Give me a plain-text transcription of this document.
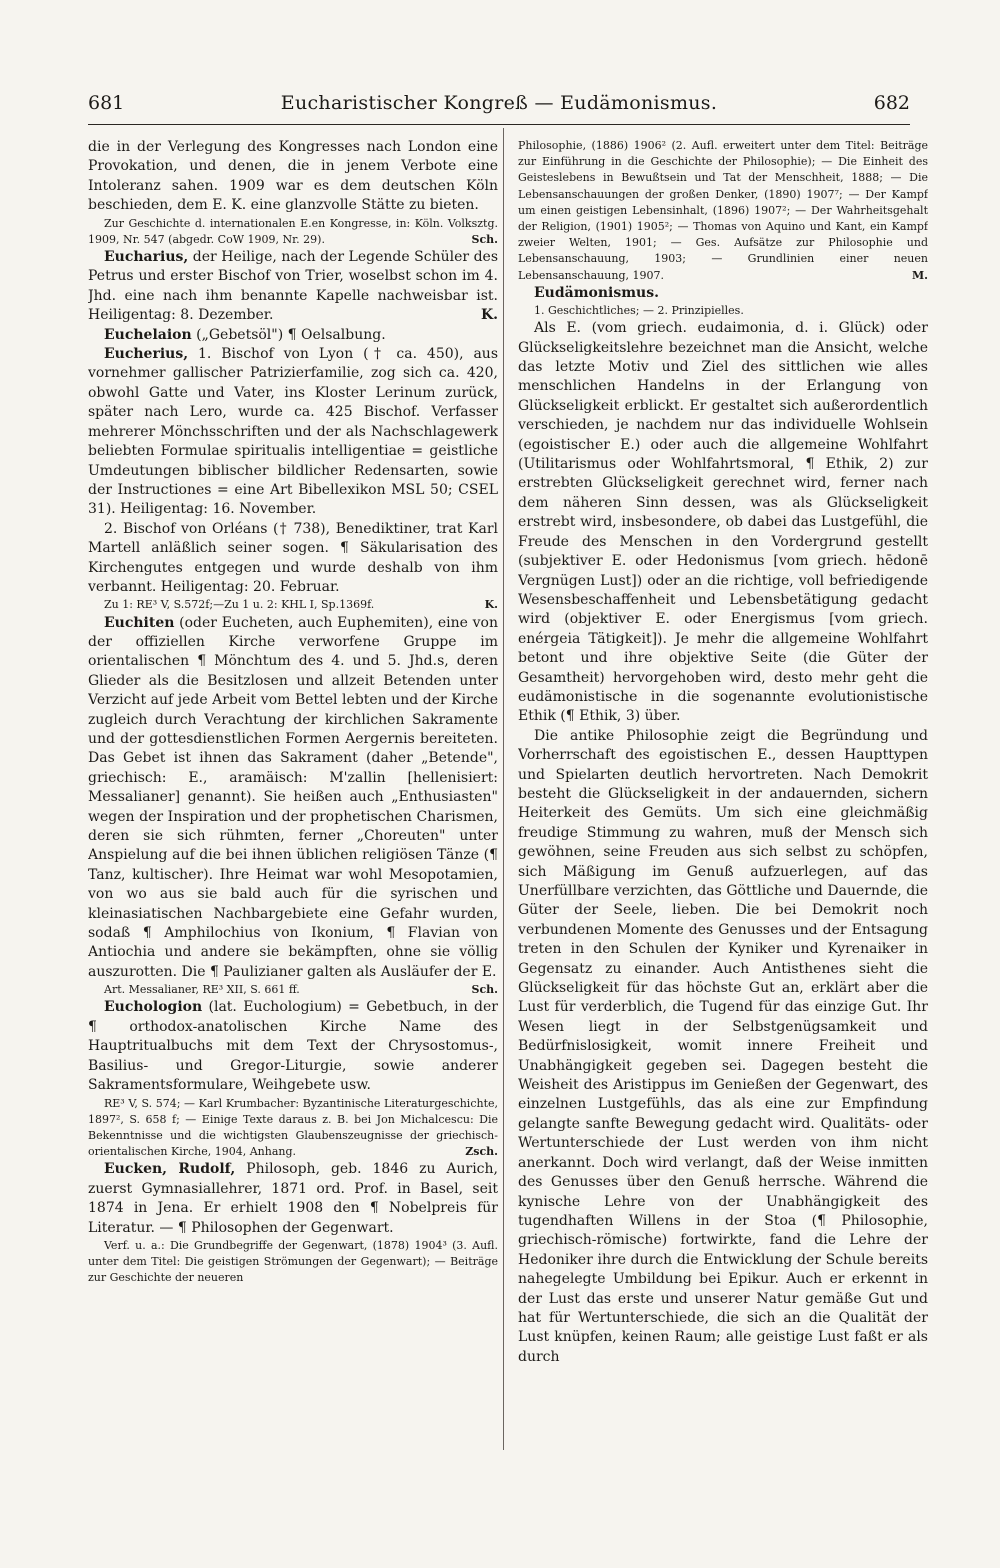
681	Eucharistischer Kongreß — Eudämonismus.	682

die in der Verlegung des Kongresses nach London eine Provokation, und denen, die in jenem Verbote eine Intoleranz sahen. 1909 war es dem deutschen Köln beschieden, dem E. K. eine glanzvolle Stätte zu bieten.

Zur Geschichte d. internationalen E.en Kongresse, in: Köln. Volksztg. 1909, Nr. 547 (abgedr. CoW 1909, Nr. 29).	Sch.

Eucharius, der Heilige, nach der Legende Schüler des Petrus und erster Bischof von Trier, woselbst schon im 4. Jhd. eine nach ihm benannte Kapelle nachweisbar ist. Heiligentag: 8. Dezember.	K.

Euchelaion („Gebetsöl") ¶ Oelsalbung.

Eucherius, 1. Bischof von Lyon († ca. 450), aus vornehmer gallischer Patrizierfamilie, zog sich ca. 420, obwohl Gatte und Vater, ins Kloster Lerinum zurück, später nach Lero, wurde ca. 425 Bischof. Verfasser mehrerer Mönchsschriften und der als Nachschlagewerk beliebten Formulae spiritualis intelligentiae = geistliche Umdeutungen biblischer bildlicher Redensarten, sowie der Instructiones = eine Art Bibellexikon MSL 50; CSEL 31). Heiligentag: 16. November.

2. Bischof von Orléans († 738), Benediktiner, trat Karl Martell anläßlich seiner sogen. ¶ Säkularisation des Kirchengutes entgegen und wurde deshalb von ihm verbannt. Heiligentag: 20. Februar.

Zu 1: RE³ V, S.572f;—Zu 1 u. 2: KHL I, Sp.1369f.	K.

Euchiten (oder Eucheten, auch Euphemiten), eine von der offiziellen Kirche verworfene Gruppe im orientalischen ¶ Mönchtum des 4. und 5. Jhd.s, deren Glieder als die Besitzlosen und allzeit Betenden unter Verzicht auf jede Arbeit vom Bettel lebten und der Kirche zugleich durch Verachtung der kirchlichen Sakramente und der gottesdienstlichen Formen Aergernis bereiteten. Das Gebet ist ihnen das Sakrament (daher „Betende", griechisch: E., aramäisch: M'zallin [hellenisiert: Messalianer] genannt). Sie heißen auch „Enthusiasten" wegen der Inspiration und der prophetischen Charismen, deren sie sich rühmten, ferner „Choreuten" unter Anspielung auf die bei ihnen üblichen religiösen Tänze (¶ Tanz, kultischer). Ihre Heimat war wohl Mesopotamien, von wo aus sie bald auch für die syrischen und kleinasiatischen Nachbargebiete eine Gefahr wurden, sodaß ¶ Amphilochius von Ikonium, ¶ Flavian von Antiochia und andere sie bekämpften, ohne sie völlig auszurotten. Die ¶ Paulizianer galten als Ausläufer der E.

Art. Messalianer, RE³ XII, S. 661 ff.	Sch.

Euchologion (lat. Euchologium) = Gebetbuch, in der ¶ orthodox-anatolischen Kirche Name des Hauptritualbuchs mit dem Text der Chrysostomus-, Basilius- und Gregor-Liturgie, sowie anderer Sakramentsformulare, Weihgebete usw.

RE³ V, S. 574; — Karl Krumbacher: Byzantinische Literaturgeschichte, 1897², S. 658 f; — Einige Texte daraus z. B. bei Jon Michalcescu: Die Bekenntnisse und die wichtigsten Glaubenszeugnisse der griechisch-orientalischen Kirche, 1904, Anhang.	Zsch.

Eucken, Rudolf, Philosoph, geb. 1846 zu Aurich, zuerst Gymnasiallehrer, 1871 ord. Prof. in Basel, seit 1874 in Jena. Er erhielt 1908 den ¶ Nobelpreis für Literatur. — ¶ Philosophen der Gegenwart.

Verf. u. a.: Die Grundbegriffe der Gegenwart, (1878) 1904³ (3. Aufl. unter dem Titel: Die geistigen Strömungen der Gegenwart); — Beiträge zur Geschichte der neueren

Philosophie, (1886) 1906² (2. Aufl. erweitert unter dem Titel: Beiträge zur Einführung in die Geschichte der Philosophie); — Die Einheit des Geisteslebens in Bewußtsein und Tat der Menschheit, 1888; — Die Lebensanschauungen der großen Denker, (1890) 1907⁷; — Der Kampf um einen geistigen Lebensinhalt, (1896) 1907²; — Der Wahrheitsgehalt der Religion, (1901) 1905²; — Thomas von Aquino und Kant, ein Kampf zweier Welten, 1901; — Ges. Aufsätze zur Philosophie und Lebensanschauung, 1903; — Grundlinien einer neuen Lebensanschauung, 1907.	M.

Eudämonismus.

1. Geschichtliches; — 2. Prinzipielles.

Als E. (vom griech. eudaimonia, d. i. Glück) oder Glückseligkeitslehre bezeichnet man die Ansicht, welche das letzte Motiv und Ziel des sittlichen wie alles menschlichen Handelns in der Erlangung von Glückseligkeit erblickt. Er gestaltet sich außerordentlich verschieden, je nachdem nur das individuelle Wohlsein (egoistischer E.) oder auch die allgemeine Wohlfahrt (Utilitarismus oder Wohlfahrtsmoral, ¶ Ethik, 2) zur erstrebten Glückseligkeit gerechnet wird, ferner nach dem näheren Sinn dessen, was als Glückseligkeit erstrebt wird, insbesondere, ob dabei das Lustgefühl, die Freude des Menschen in den Vordergrund gestellt (subjektiver E. oder Hedonismus [vom griech. hēdonē Vergnügen Lust]) oder an die richtige, voll befriedigende Wesensbeschaffenheit und Lebensbetätigung gedacht wird (objektiver E. oder Energismus [vom griech. enérgeia Tätigkeit]). Je mehr die allgemeine Wohlfahrt betont und ihre objektive Seite (die Güter der Gesamtheit) hervorgehoben wird, desto mehr geht die eudämonistische in die sogenannte evolutionistische Ethik (¶ Ethik, 3) über.

Die antike Philosophie zeigt die Begründung und Vorherrschaft des egoistischen E., dessen Haupttypen und Spielarten deutlich hervortreten. Nach Demokrit besteht die Glückseligkeit in der andauernden, sichern Heiterkeit des Gemüts. Um sich eine gleichmäßig freudige Stimmung zu wahren, muß der Mensch sich gewöhnen, seine Freuden aus sich selbst zu schöpfen, sich Mäßigung im Genuß aufzuerlegen, auf das Unerfüllbare verzichten, das Göttliche und Dauernde, die Güter der Seele, lieben. Die bei Demokrit noch verbundenen Momente des Genusses und der Entsagung treten in den Schulen der Kyniker und Kyrenaiker in Gegensatz zu einander. Auch Antisthenes sieht die Glückseligkeit für das höchste Gut an, erklärt aber die Lust für verderblich, die Tugend für das einzige Gut. Ihr Wesen liegt in der Selbstgenügsamkeit und Bedürfnislosigkeit, womit innere Freiheit und Unabhängigkeit gegeben sei. Dagegen besteht die Weisheit des Aristippus im Genießen der Gegenwart, des einzelnen Lustgefühls, das als eine zur Empfindung gelangte sanfte Bewegung gedacht wird. Qualitäts- oder Wertunterschiede der Lust werden von ihm nicht anerkannt. Doch wird verlangt, daß der Weise inmitten des Genusses über den Genuß herrsche. Während die kynische Lehre von der Unabhängigkeit des tugendhaften Willens in der Stoa (¶ Philosophie, griechisch-römische) fortwirkte, fand die Lehre der Hedoniker ihre durch die Entwicklung der Schule bereits nahegelegte Umbildung bei Epikur. Auch er erkennt in der Lust das erste und unserer Natur gemäße Gut und hat für Wertunterschiede, die sich an die Qualität der Lust knüpfen, keinen Raum; alle geistige Lust faßt er als durch
